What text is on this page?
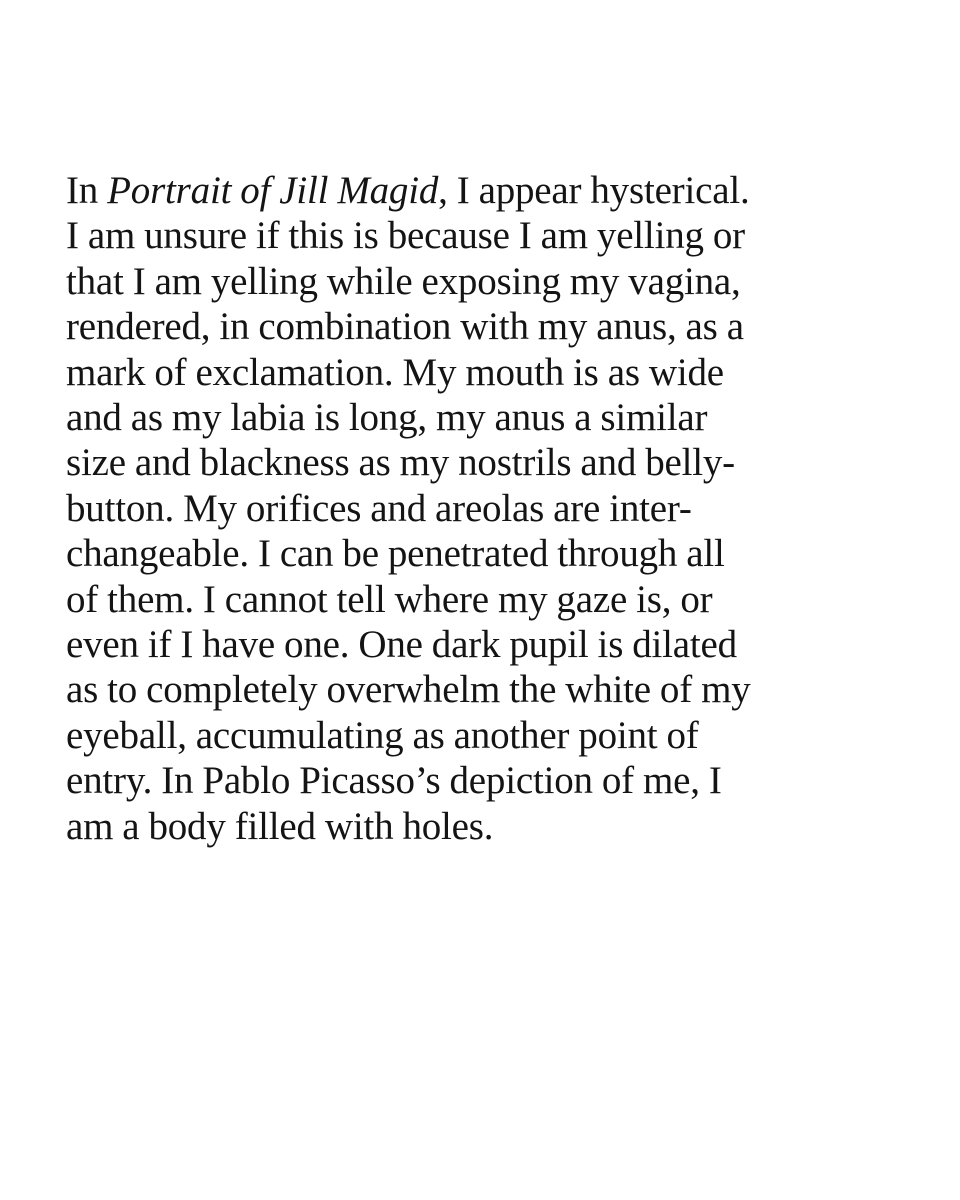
In Portrait of Jill Magid, I appear hysterical.
I am unsure if this is because I am yelling or
that I am yelling while exposing my vagina,
rendered, in combination with my anus, as a
mark of exclamation. My mouth is as wide
and as my labia is long, my anus a similar
size and blackness as my nostrils and belly-
button. My orifices and areolas are inter-
changeable. I can be penetrated through all
of them. I cannot tell where my gaze is, or
even if I have one. One dark pupil is dilated
as to completely overwhelm the white of my
eyeball, accumulating as another point of
entry. In Pablo Picasso’s depiction of me, I
am a body filled with holes.
